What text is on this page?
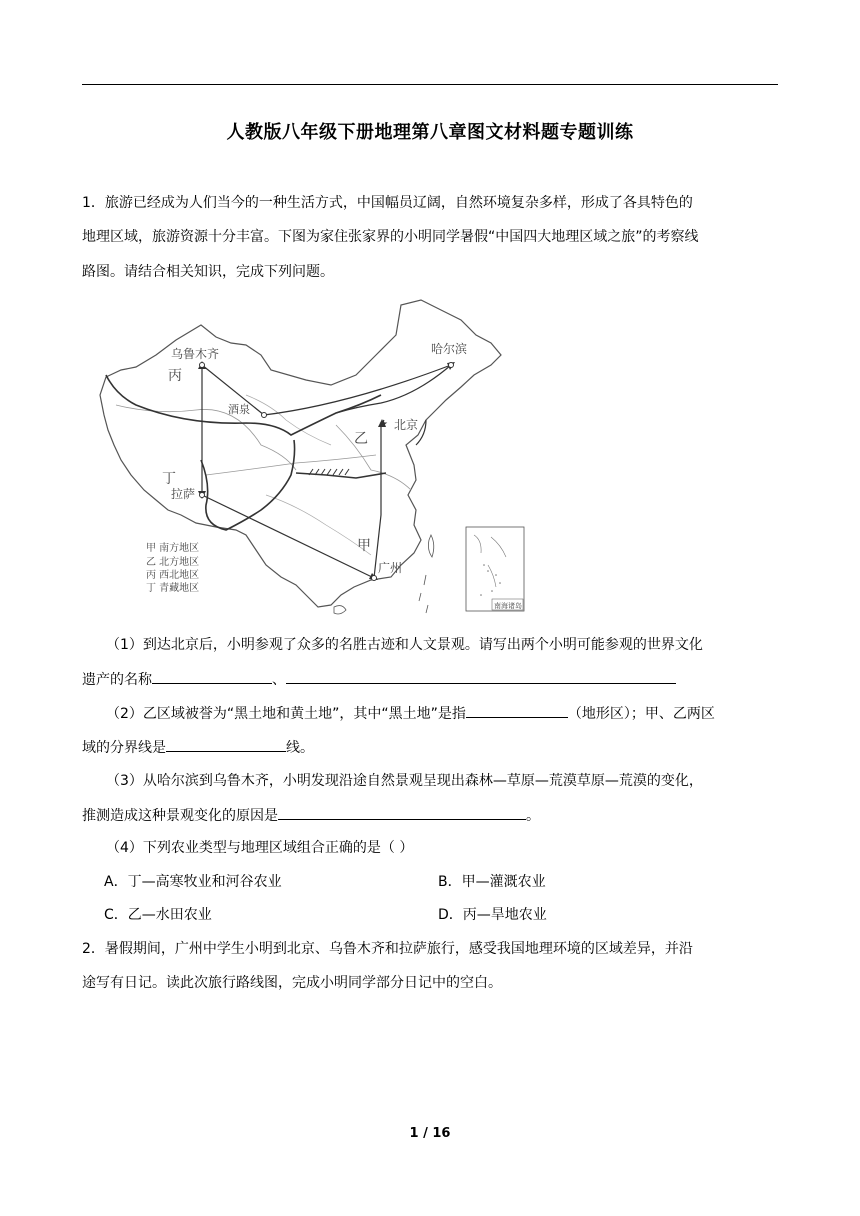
人教版八年级下册地理第八章图文材料题专题训练
1．旅游已经成为人们当今的一种生活方式，中国幅员辽阔，自然环境复杂多样，形成了各具特色的
地理区域，旅游资源十分丰富。下图为家住张家界的小明同学暑假“中国四大地理区域之旅”的考察线
路图。请结合相关知识，完成下列问题。
★
乌鲁木齐	哈尔滨
酒泉
北京
拉萨
广州
丙
乙
丁
甲
甲 南方地区
乙 北方地区
丙 西北地区
丁 青藏地区
南海诸岛
（1）到达北京后，小明参观了众多的名胜古迹和人文景观。请写出两个小明可能参观的世界文化
遗产的名称	、
（2）乙区域被誉为“黑土地和黄土地”，其中“黑土地”是指	（地形区）；甲、乙两区
域的分界线是	线。
（3）从哈尔滨到乌鲁木齐，小明发现沿途自然景观呈现出森林—草原—荒漠草原—荒漠的变化，
推测造成这种景观变化的原因是	。
（4）下列农业类型与地理区域组合正确的是（ ）
A．丁—高寒牧业和河谷农业	B．甲—灌溉农业
C．乙—水田农业	D．丙—旱地农业
2．暑假期间，广州中学生小明到北京、乌鲁木齐和拉萨旅行，感受我国地理环境的区域差异，并沿
途写有日记。读此次旅行路线图，完成小明同学部分日记中的空白。
1 / 16
